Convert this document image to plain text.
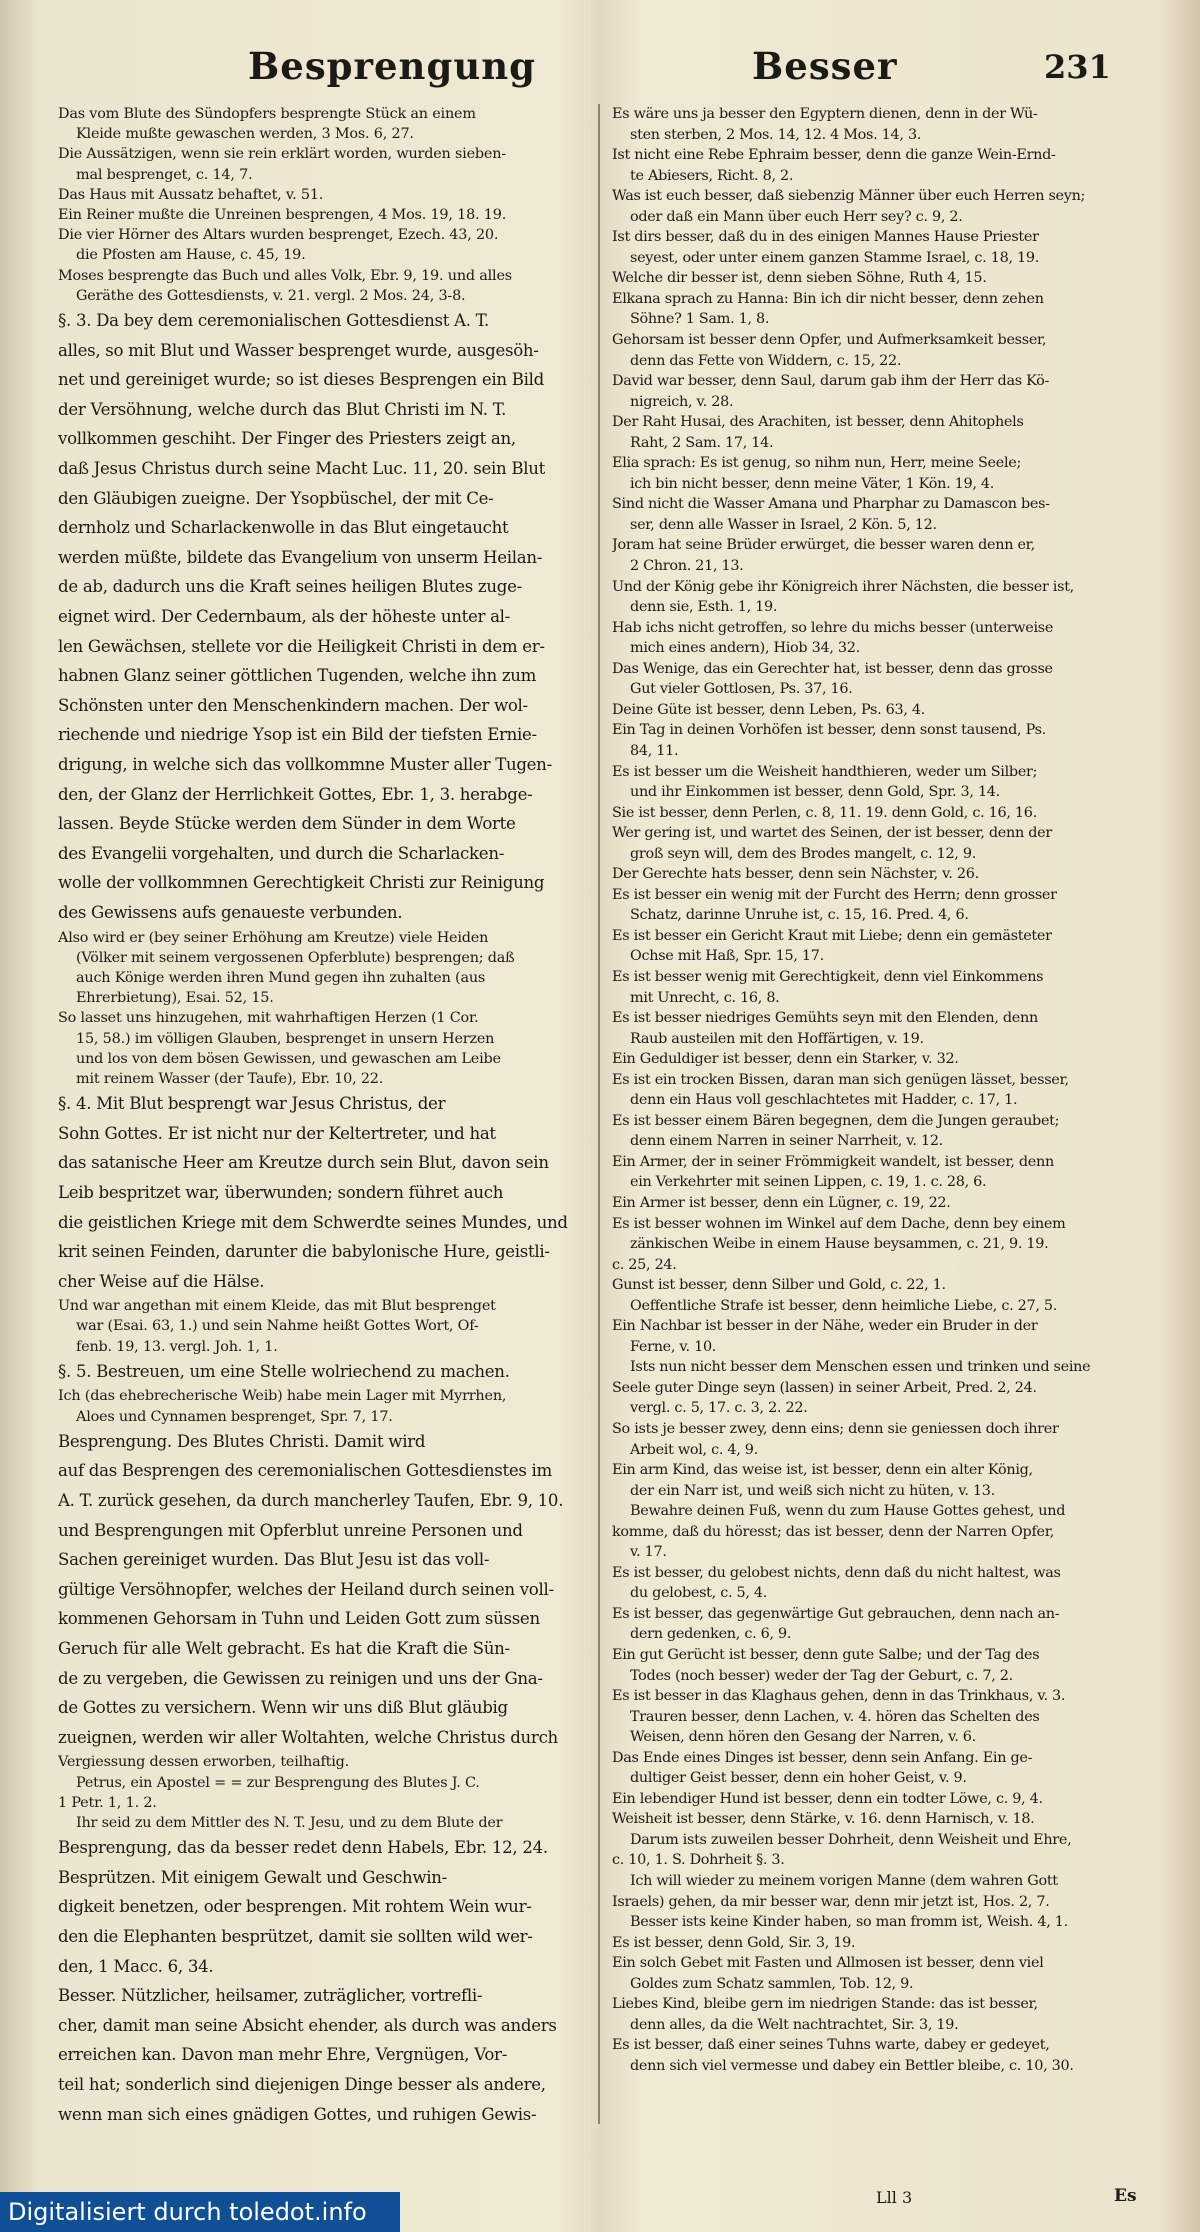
Besprengung	Besser	231
Das vom Blute des Sündopfers besprengte Stück an einem
Kleide mußte gewaschen werden, 3 Mos. 6, 27.
Die Aussätzigen, wenn sie rein erklärt worden, wurden sieben-
mal besprenget, c. 14, 7.
Das Haus mit Aussatz behaftet, v. 51.
Ein Reiner mußte die Unreinen besprengen, 4 Mos. 19, 18. 19.
Die vier Hörner des Altars wurden besprenget, Ezech. 43, 20.
die Pfosten am Hause, c. 45, 19.
Moses besprengte das Buch und alles Volk, Ebr. 9, 19. und alles
Geräthe des Gottesdiensts, v. 21. vergl. 2 Mos. 24, 3-8.
§. 3. Da bey dem ceremonialischen Gottesdienst A. T.
alles, so mit Blut und Wasser besprenget wurde, ausgesöh-
net und gereiniget wurde; so ist dieses Besprengen ein Bild
der Versöhnung, welche durch das Blut Christi im N. T.
vollkommen geschiht. Der Finger des Priesters zeigt an,
daß Jesus Christus durch seine Macht Luc. 11, 20. sein Blut
den Gläubigen zueigne. Der Ysopbüschel, der mit Ce-
dernholz und Scharlackenwolle in das Blut eingetaucht
werden müßte, bildete das Evangelium von unserm Heilan-
de ab, dadurch uns die Kraft seines heiligen Blutes zuge-
eignet wird. Der Cedernbaum, als der höheste unter al-
len Gewächsen, stellete vor die Heiligkeit Christi in dem er-
habnen Glanz seiner göttlichen Tugenden, welche ihn zum
Schönsten unter den Menschenkindern machen. Der wol-
riechende und niedrige Ysop ist ein Bild der tiefsten Ernie-
drigung, in welche sich das vollkommne Muster aller Tugen-
den, der Glanz der Herrlichkeit Gottes, Ebr. 1, 3. herabge-
lassen. Beyde Stücke werden dem Sünder in dem Worte
des Evangelii vorgehalten, und durch die Scharlacken-
wolle der vollkommnen Gerechtigkeit Christi zur Reinigung
des Gewissens aufs genaueste verbunden.
Also wird er (bey seiner Erhöhung am Kreutze) viele Heiden
(Völker mit seinem vergossenen Opferblute) besprengen; daß
auch Könige werden ihren Mund gegen ihn zuhalten (aus
Ehrerbietung), Esai. 52, 15.
So lasset uns hinzugehen, mit wahrhaftigen Herzen (1 Cor.
15, 58.) im völligen Glauben, besprenget in unsern Herzen
und los von dem bösen Gewissen, und gewaschen am Leibe
mit reinem Wasser (der Taufe), Ebr. 10, 22.
§. 4. Mit Blut besprengt war Jesus Christus, der
Sohn Gottes. Er ist nicht nur der Keltertreter, und hat
das satanische Heer am Kreutze durch sein Blut, davon sein
Leib bespritzet war, überwunden; sondern führet auch
die geistlichen Kriege mit dem Schwerdte seines Mundes, und
krit seinen Feinden, darunter die babylonische Hure, geistli-
cher Weise auf die Hälse.
Und war angethan mit einem Kleide, das mit Blut besprenget
war (Esai. 63, 1.) und sein Nahme heißt Gottes Wort, Of-
fenb. 19, 13. vergl. Joh. 1, 1.
§. 5. Bestreuen, um eine Stelle wolriechend zu machen.
Ich (das ehebrecherische Weib) habe mein Lager mit Myrrhen,
Aloes und Cynnamen besprenget, Spr. 7, 17.
Besprengung. Des Blutes Christi. Damit wird
auf das Besprengen des ceremonialischen Gottesdienstes im
A. T. zurück gesehen, da durch mancherley Taufen, Ebr. 9, 10.
und Besprengungen mit Opferblut unreine Personen und
Sachen gereiniget wurden. Das Blut Jesu ist das voll-
gültige Versöhnopfer, welches der Heiland durch seinen voll-
kommenen Gehorsam in Tuhn und Leiden Gott zum süssen
Geruch für alle Welt gebracht. Es hat die Kraft die Sün-
de zu vergeben, die Gewissen zu reinigen und uns der Gna-
de Gottes zu versichern. Wenn wir uns diß Blut gläubig
zueignen, werden wir aller Woltahten, welche Christus durch
Vergiessung dessen erworben, teilhaftig.
Petrus, ein Apostel = = zur Besprengung des Blutes J. C.
1 Petr. 1, 1. 2.
Ihr seid zu dem Mittler des N. T. Jesu, und zu dem Blute der
Besprengung, das da besser redet denn Habels, Ebr. 12, 24.
Besprützen. Mit einigem Gewalt und Geschwin-
digkeit benetzen, oder besprengen. Mit rohtem Wein wur-
den die Elephanten besprützet, damit sie sollten wild wer-
den, 1 Macc. 6, 34.
Besser. Nützlicher, heilsamer, zuträglicher, vortrefli-
cher, damit man seine Absicht ehender, als durch was anders
erreichen kan. Davon man mehr Ehre, Vergnügen, Vor-
teil hat; sonderlich sind diejenigen Dinge besser als andere,
wenn man sich eines gnädigen Gottes, und ruhigen Gewis-
Es wäre uns ja besser den Egyptern dienen, denn in der Wü-
sten sterben, 2 Mos. 14, 12. 4 Mos. 14, 3.
Ist nicht eine Rebe Ephraim besser, denn die ganze Wein-Ernd-
te Abiesers, Richt. 8, 2.
Was ist euch besser, daß siebenzig Männer über euch Herren seyn;
oder daß ein Mann über euch Herr sey? c. 9, 2.
Ist dirs besser, daß du in des einigen Mannes Hause Priester
seyest, oder unter einem ganzen Stamme Israel, c. 18, 19.
Welche dir besser ist, denn sieben Söhne, Ruth 4, 15.
Elkana sprach zu Hanna: Bin ich dir nicht besser, denn zehen
Söhne? 1 Sam. 1, 8.
Gehorsam ist besser denn Opfer, und Aufmerksamkeit besser,
denn das Fette von Widdern, c. 15, 22.
David war besser, denn Saul, darum gab ihm der Herr das Kö-
nigreich, v. 28.
Der Raht Husai, des Arachiten, ist besser, denn Ahitophels
Raht, 2 Sam. 17, 14.
Elia sprach: Es ist genug, so nihm nun, Herr, meine Seele;
ich bin nicht besser, denn meine Väter, 1 Kön. 19, 4.
Sind nicht die Wasser Amana und Pharphar zu Damascon bes-
ser, denn alle Wasser in Israel, 2 Kön. 5, 12.
Joram hat seine Brüder erwürget, die besser waren denn er,
2 Chron. 21, 13.
Und der König gebe ihr Königreich ihrer Nächsten, die besser ist,
denn sie, Esth. 1, 19.
Hab ichs nicht getroffen, so lehre du michs besser (unterweise
mich eines andern), Hiob 34, 32.
Das Wenige, das ein Gerechter hat, ist besser, denn das grosse
Gut vieler Gottlosen, Ps. 37, 16.
Deine Güte ist besser, denn Leben, Ps. 63, 4.
Ein Tag in deinen Vorhöfen ist besser, denn sonst tausend, Ps.
84, 11.
Es ist besser um die Weisheit handthieren, weder um Silber;
und ihr Einkommen ist besser, denn Gold, Spr. 3, 14.
Sie ist besser, denn Perlen, c. 8, 11. 19. denn Gold, c. 16, 16.
Wer gering ist, und wartet des Seinen, der ist besser, denn der
groß seyn will, dem des Brodes mangelt, c. 12, 9.
Der Gerechte hats besser, denn sein Nächster, v. 26.
Es ist besser ein wenig mit der Furcht des Herrn; denn grosser
Schatz, darinne Unruhe ist, c. 15, 16. Pred. 4, 6.
Es ist besser ein Gericht Kraut mit Liebe; denn ein gemästeter
Ochse mit Haß, Spr. 15, 17.
Es ist besser wenig mit Gerechtigkeit, denn viel Einkommens
mit Unrecht, c. 16, 8.
Es ist besser niedriges Gemühts seyn mit den Elenden, denn
Raub austeilen mit den Hoffärtigen, v. 19.
Ein Geduldiger ist besser, denn ein Starker, v. 32.
Es ist ein trocken Bissen, daran man sich genügen lässet, besser,
denn ein Haus voll geschlachtetes mit Hadder, c. 17, 1.
Es ist besser einem Bären begegnen, dem die Jungen geraubet;
denn einem Narren in seiner Narrheit, v. 12.
Ein Armer, der in seiner Frömmigkeit wandelt, ist besser, denn
ein Verkehrter mit seinen Lippen, c. 19, 1. c. 28, 6.
Ein Armer ist besser, denn ein Lügner, c. 19, 22.
Es ist besser wohnen im Winkel auf dem Dache, denn bey einem
zänkischen Weibe in einem Hause beysammen, c. 21, 9. 19.
c. 25, 24.
Gunst ist besser, denn Silber und Gold, c. 22, 1.
Oeffentliche Strafe ist besser, denn heimliche Liebe, c. 27, 5.
Ein Nachbar ist besser in der Nähe, weder ein Bruder in der
Ferne, v. 10.
Ists nun nicht besser dem Menschen essen und trinken und seine
Seele guter Dinge seyn (lassen) in seiner Arbeit, Pred. 2, 24.
vergl. c. 5, 17. c. 3, 2. 22.
So ists je besser zwey, denn eins; denn sie geniessen doch ihrer
Arbeit wol, c. 4, 9.
Ein arm Kind, das weise ist, ist besser, denn ein alter König,
der ein Narr ist, und weiß sich nicht zu hüten, v. 13.
Bewahre deinen Fuß, wenn du zum Hause Gottes gehest, und
komme, daß du höresst; das ist besser, denn der Narren Opfer,
v. 17.
Es ist besser, du gelobest nichts, denn daß du nicht haltest, was
du gelobest, c. 5, 4.
Es ist besser, das gegenwärtige Gut gebrauchen, denn nach an-
dern gedenken, c. 6, 9.
Ein gut Gerücht ist besser, denn gute Salbe; und der Tag des
Todes (noch besser) weder der Tag der Geburt, c. 7, 2.
Es ist besser in das Klaghaus gehen, denn in das Trinkhaus, v. 3.
Trauren besser, denn Lachen, v. 4. hören das Schelten des
Weisen, denn hören den Gesang der Narren, v. 6.
Das Ende eines Dinges ist besser, denn sein Anfang. Ein ge-
dultiger Geist besser, denn ein hoher Geist, v. 9.
Ein lebendiger Hund ist besser, denn ein todter Löwe, c. 9, 4.
Weisheit ist besser, denn Stärke, v. 16. denn Harnisch, v. 18.
Darum ists zuweilen besser Dohrheit, denn Weisheit und Ehre,
c. 10, 1. S. Dohrheit §. 3.
Ich will wieder zu meinem vorigen Manne (dem wahren Gott
Israels) gehen, da mir besser war, denn mir jetzt ist, Hos. 2, 7.
Besser ists keine Kinder haben, so man fromm ist, Weish. 4, 1.
Es ist besser, denn Gold, Sir. 3, 19.
Ein solch Gebet mit Fasten und Allmosen ist besser, denn viel
Goldes zum Schatz sammlen, Tob. 12, 9.
Liebes Kind, bleibe gern im niedrigen Stande: das ist besser,
denn alles, da die Welt nachtrachtet, Sir. 3, 19.
Es ist besser, daß einer seines Tuhns warte, dabey er gedeyet,
denn sich viel vermesse und dabey ein Bettler bleibe, c. 10, 30.
Lll 3	Es
Digitalisiert durch toledot.info
